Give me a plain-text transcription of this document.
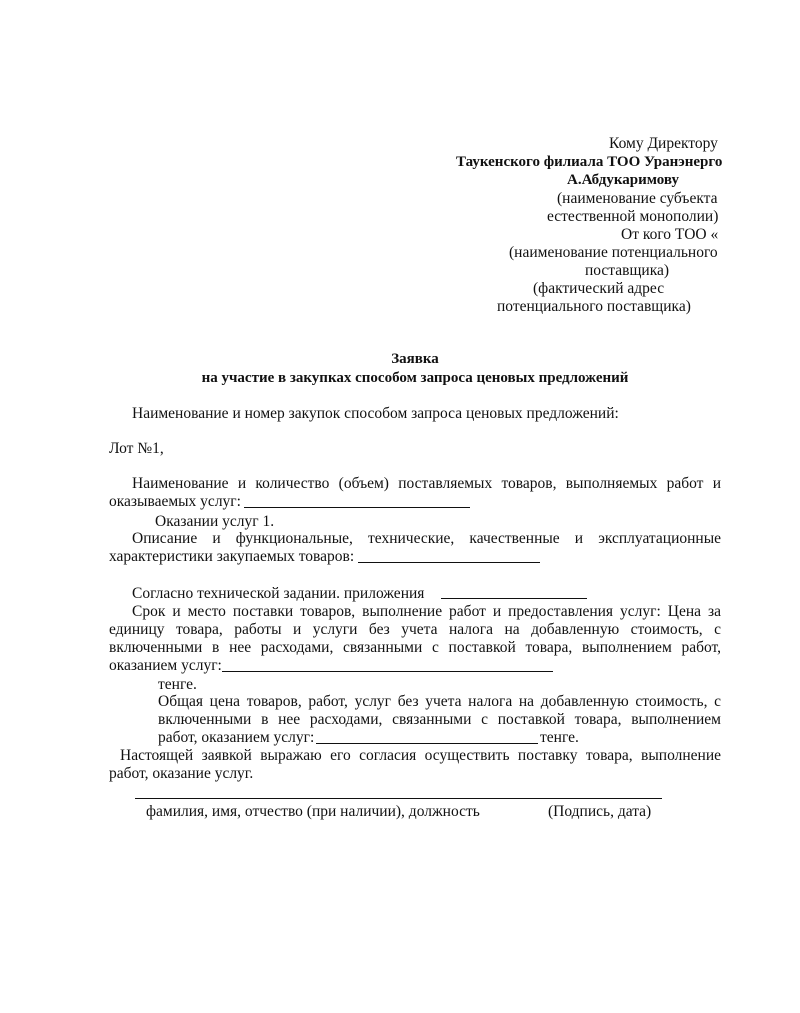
Кому Директору
Таукенского филиала ТОО Уранэнерго
А.Абдукаримову
(наименование субъекта
естественной монополии)
От кого ТОО «
(наименование потенциального
поставщика)
(фактический адрес
потенциального поставщика)
Заявка
на участие в закупках способом запроса ценовых предложений
Наименование и номер закупок способом запроса ценовых предложений:
Лот №1,
Наименование и количество (объем) поставляемых товаров, выполняемых работ и
оказываемых услуг:
Оказании услуг 1.
Описание и функциональные, технические, качественные и эксплуатационные
характеристики закупаемых товаров:
Согласно технической задании. приложения
Срок и место поставки товаров, выполнение работ и предоставления услуг: Цена за
единицу товара, работы и услуги без учета налога на добавленную стоимость, с
включенными в нее расходами, связанными с поставкой товара, выполнением работ,
оказанием услуг:
тенге.
Общая цена товаров, работ, услуг без учета налога на добавленную стоимость, с
включенными в нее расходами, связанными с поставкой товара, выполнением
работ, оказанием услуг:	тенге.
Настоящей заявкой выражаю его согласия осуществить поставку товара, выполнение
работ, оказание услуг.
фамилия, имя, отчество (при наличии), должность	(Подпись, дата)
